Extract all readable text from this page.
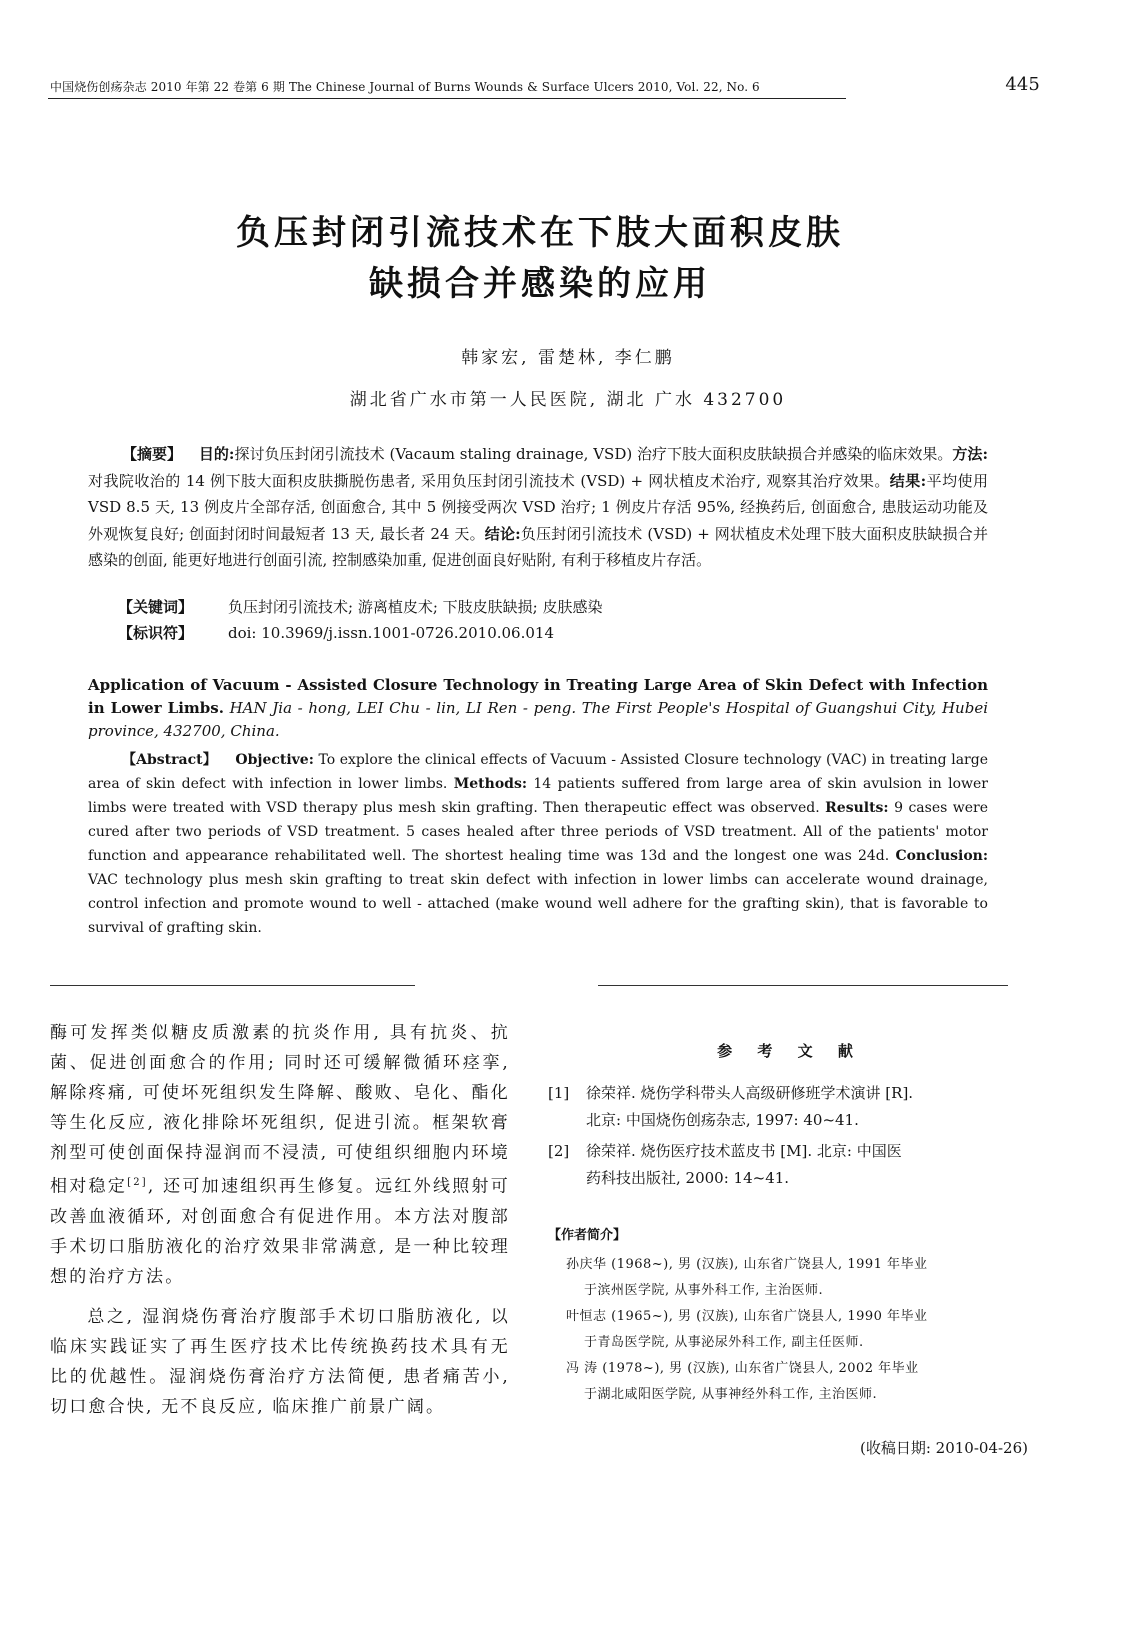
中国烧伤创疡杂志 2010 年第 22 卷第 6 期 The Chinese Journal of Burns Wounds & Surface Ulcers 2010, Vol. 22, No. 6	445
负压封闭引流技术在下肢大面积皮肤
缺损合并感染的应用
韩家宏, 雷楚林, 李仁鹏
湖北省广水市第一人民医院, 湖北 广水 432700
【摘要】 目的:探讨负压封闭引流技术 (Vacaum staling drainage, VSD) 治疗下肢大面积皮肤缺损合并感染的临床效果。方法:对我院收治的 14 例下肢大面积皮肤撕脱伤患者, 采用负压封闭引流技术 (VSD) + 网状植皮术治疗, 观察其治疗效果。结果:平均使用 VSD 8.5 天, 13 例皮片全部存活, 创面愈合, 其中 5 例接受两次 VSD 治疗; 1 例皮片存活 95%, 经换药后, 创面愈合, 患肢运动功能及外观恢复良好; 创面封闭时间最短者 13 天, 最长者 24 天。结论:负压封闭引流技术 (VSD) + 网状植皮术处理下肢大面积皮肤缺损合并感染的创面, 能更好地进行创面引流, 控制感染加重, 促进创面良好贴附, 有利于移植皮片存活。
【关键词】 负压封闭引流技术; 游离植皮术; 下肢皮肤缺损; 皮肤感染
【标识符】 doi: 10.3969/j.issn.1001-0726.2010.06.014
Application of Vacuum - Assisted Closure Technology in Treating Large Area of Skin Defect with Infection in Lower Limbs. HAN Jia - hong, LEI Chu - lin, LI Ren - peng. The First People's Hospital of Guangshui City, Hubei province, 432700, China.
【Abstract】 Objective: To explore the clinical effects of Vacuum - Assisted Closure technology (VAC) in treating large area of skin defect with infection in lower limbs. Methods: 14 patients suffered from large area of skin avulsion in lower limbs were treated with VSD therapy plus mesh skin grafting. Then therapeutic effect was observed. Results: 9 cases were cured after two periods of VSD treatment. 5 cases healed after three periods of VSD treatment. All of the patients' motor function and appearance rehabilitated well. The shortest healing time was 13d and the longest one was 24d. Conclusion: VAC technology plus mesh skin grafting to treat skin defect with infection in lower limbs can accelerate wound drainage, control infection and promote wound to well - attached (make wound well adhere for the grafting skin), that is favorable to survival of grafting skin.

酶可发挥类似糖皮质激素的抗炎作用, 具有抗炎、抗菌、促进创面愈合的作用; 同时还可缓解微循环痉挛, 解除疼痛, 可使坏死组织发生降解、酸败、皂化、酯化等生化反应, 液化排除坏死组织, 促进引流。框架软膏剂型可使创面保持湿润而不浸渍, 可使组织细胞内环境相对稳定[2], 还可加速组织再生修复。远红外线照射可改善血液循环, 对创面愈合有促进作用。本方法对腹部手术切口脂肪液化的治疗效果非常满意, 是一种比较理想的治疗方法。

总之, 湿润烧伤膏治疗腹部手术切口脂肪液化, 以临床实践证实了再生医疗技术比传统换药技术具有无比的优越性。湿润烧伤膏治疗方法简便, 患者痛苦小, 切口愈合快, 无不良反应, 临床推广前景广阔。

参 考 文 献
[1] 徐荣祥. 烧伤学科带头人高级研修班学术演讲 [R].
北京: 中国烧伤创疡杂志, 1997: 40~41.
[2] 徐荣祥. 烧伤医疗技术蓝皮书 [M]. 北京: 中国医
药科技出版社, 2000: 14~41.
【作者简介】
孙庆华 (1968~), 男 (汉族), 山东省广饶县人, 1991 年毕业
于滨州医学院, 从事外科工作, 主治医师.
叶恒志 (1965~), 男 (汉族), 山东省广饶县人, 1990 年毕业
于青岛医学院, 从事泌尿外科工作, 副主任医师.
冯 涛 (1978~), 男 (汉族), 山东省广饶县人, 2002 年毕业
于湖北咸阳医学院, 从事神经外科工作, 主治医师.
(收稿日期: 2010-04-26)
